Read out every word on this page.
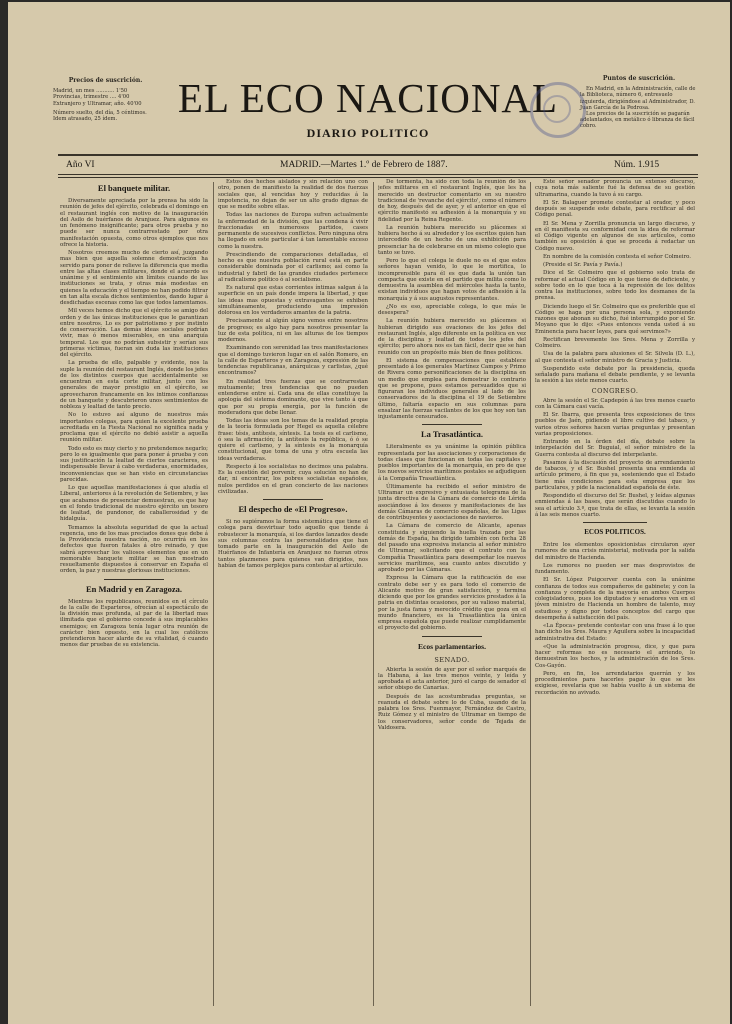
Precios de suscrición.
Madrid, un mes ........... 1'50
Provincias, trimestre .... 4'00
Extranjero y Ultramar, año. 40'00
Número suelto, del día, 5 céntimos.
Idem atrasado, 25 ídem.	EL ECO NACIONAL
DIARIO POLITICO
Puntos de suscrición.
En Madrid, en la Administración, calle de la Biblioteca, número 6, entresuelo izquierda, dirigiéndose al Administrador, D. Juan García de la Pedrosa.
Los precios de la suscrición se pagarán adelantados, en metálico ó libranza de fácil cobro.
Año VI	MADRID.—Martes 1.º de Febrero de 1887.	Núm. 1.915
El banquete militar.

Diversamente apreciada por la prensa ha sido la reunión de jefes del ejército, celebrada el domingo en el restaurant inglés con motivo de la inauguración del Asilo de huérfanos de Aranjuez. Para algunos es un fenómeno insignificante; para otros prueba y no puede ser nunca contrarrestado por otra manifestación opuesta, como otros ejemplos que nos ofrece la historia.

Nosotros creemos mucho de cierto así, juzgando mas bien que aquella solemne demostración ha servido para poner de relieve la diferencia que media entre las altas clases militares, donde el acuerdo es unánime y el sentimiento sin límites cuando de las instituciones se trata, y otras más modestas en quienes la educación y el tiempo no han podido filtrar en tan alta escala dichos sentimientos, dando lugar á desdichadas escenas como las que todos lamentamos.

Mil veces hemos dicho que el ejército se amigo del orden y de las únicas instituciones que le garantizan entre nosotros. Lo es por patriotismo y por instinto de conservación. Las demás ideas sociales podrían vivir, mas ó menos miserables, en una anarquía temporal. Los que no podrían subsistir y serían sus primeras víctimas, fueran sin duda las instituciones del ejército.

La prueba de ello, palpable y evidente, nos la suple la reunión del restaurant Inglés, donde los jefes de los distintos cuerpos que accidentalmente se encuentran en esta corte militar, junto con los generales de mayor prestigio en el ejército, se aprovecharon francamente en los intimos confianzas de un banquete y descubrieron unos sentimientos de nobleza y lealtad de tanto precio.

No lo estuvo así alguno de nuestros más importantes colegas, para quien la excelente prueba acreditada en la Fiesta Nacional no significa nada y proclama que el ejército no debió asistir a aquella reunión militar.

Todo esto es muy cierto y no pretendemos negarlo; pero lo es igualmente que para poner á prueba y con sus justificación la lealtad de ciertos caracteres, es indispensable llevar á cabo verdaderas, enormidades, inconveniencias que se han visto en circunstancias parecidas.

Lo que aquellas manifestaciones á que aludía el Liberal, anteriores á la revolución de Setiembre, y las que acabamos de presenciar demuestran, es que hay en el fondo tradicional de nuestro ejército un tesoro de lealtad, de pundonor, de caballerosidad y de hidalguía.

Temamos la absoluta seguridad de que la actual regencia, uno de los mas preciados dones que debe á la Providencia nuestra nación, no ocurrirá en los defectos que fueron fatales á otro reinado, y que sabrá aprovechar los valiosos elementos que en un memorable banquete militar se han mostrado resueltamente dispuestos á conservar en España el orden, la paz y nuestras gloriosas instituciones.

En Madrid y en Zaragoza.

Mientras los republicanos, reunidos en el círculo de la calle de Esparteros, ofrecían al espectáculo de la división mas profunda, al par de la libertad mas ilimitada que el gobierno concede á sus implacables enemigos; en Zaragoza tenía lugar otra reunión de carácter bien opuesto, en la cual los católicos pretendieron hacer alarde de su vitalidad, ó cuando menos dar pruebas de su existencia.

Estos dos hechos aislados y sin relación uno con otro, ponen de manifiesto la realidad de dos fuerzas sociales que, al vencidas hoy y reducidas á la impotencia, no dejan de ser un alto grado dignas de que se medite sobre ellas.

Todas las naciones de Europa sufren actualmente la enfermedad de la división, que las condena á vivir fraccionadas en numerosos partidos, cases permanente de sucesivos conflictos. Pero ninguna otra ha llegado en este particular á tan lamentable exceso como la nuestra.

Prescindiendo de comparaciones detalladas, el hecho es que nuestra población rural está en parte considerable dominada por el carlismo; así como la industrial y fabril de las grandes ciudades pertenece al radicalismo político ó al socialismo.

Es natural que estas corrientes íntimas salgan á la superficie en un país donde impera la libertad, y que las ideas mas opuestas y extravagantes se exhiben simultáneamente, produciendo una impresión dolorosa en los verdaderos amantes de la patria.

Precisamente al algún signo vemos entre nosotros de progreso; es algo hay para nosotros presentar la luz de esta política, ni en las alturas de los tiempos modernos.

Examinando con serenidad las tres manifestaciones que el domingo tuvieron lugar en el salón Romero, en la calle de Esparteros y en Zaragoza, expresión de las tendencias republicanas, anárquicas y carlistas, ¿qué encontramos?

En realidad tres fuerzas que se contrarrestan mutuamente; tres tendencias que no pueden entenderse entre sí. Cada una de ellas constituye la apología del sistema dominante, que vive tanto á que que por su propia energía, por la función de moderadora que debe llenar.

Todas las ideas son los temas de la realidad propia de la teoría formulada por Hegel es aquella célebre frase: tésis, antítesis, síntesis. La tesis es el carlismo, ó sea la afirmación; la antítesis la república, ó ó se quiere el carlismo, y la síntesis es la monarquía constitucional, que toma de una y otra escuela las ideas verdaderas.

Respecto á los socialistas no decimos una palabra. Es la cuestión del porvenir, cuya solución no han de dar, ni encontrar, los pobres socialistas españoles, nulos perdidos en el gran concierto de las naciones civilizadas.

El despecho de «El Progreso».

Si no supiéramos la forma sistemática que tiene el colega para desvirtuar todo aquello que tiende á robustecer la monarquía, si los dardos lanzados desde sus columnas contra las personalidades que han tomado parte en la inauguración del Asilo de Huérfanos de Infantería en Aranjuez no fueran otros tantos plazmenes para quienes van dirigidos, nos habían de tamos perplejos para contestar al artículo.

De tormenta, ha sido con toda la reunión de los jefes militares en el restaurant Inglés, que les ha merecido un destructor comentario en su nuestro tradicional de 'revanche del ejército', como el número de hoy, después del de ayer, y el anterior en que el ejército manifestó su adhesión á la monarquía y su fidelidad por la Reina Regente.

La reunión hubiera merecido su plácemes si hubiera hecho á su alrededor y los escritos quien han intercedido de un hecho de una exhibición para presenciar ha de celebrarse en un mismo colegio que tanto se tuvo.

Pero lo que el colega le duele no es el que estos señores hayan venido, lo que le mortifica, lo incomprensible para él es que dada la unión tan compacta que existe en el partido que milita como lo demuestra la asamblea del miércoles hasta la tanto, existan individuos que hagan votos de adhesión á la monarquía y á sus augustos representantes.

¿No es eso, apreciable colega, lo que más le desespera?

La reunión hubiera merecido su plácemes si hubieran dirigido sus ovaciones de los jefes del restaurant Inglés, algo diferente en la política en vez de la disciplina y lealtad de todos los jefes del ejército; pero ahora nos es tan fácil, decir que se han reunido con un propósito más bien de fines políticos.

El sistema de compensaciones que establece presentado á los generales Martínez Campos y Primo de Rivera como personificaciones de la disciplina en un medio que emplea para demostrar lo contrario que se propone, pues estamos persuadidos que si figuraran los individuos generales al lado de los conservadores de la disciplina el 19 de Setiembre último, faltaría espacio en sus columnas para ensalzar las fuerzas vacilantes de los que hoy son tan injustamente censurados.

La Trasatlántica.

Literalmente es ya unánime la opinión pública representada por las asociaciones y corporaciones de todas clases que funcionan en todas las capitales y pueblos importantes de la monarquía, en pro de que los nuevos servicios marítimos postales se adjudiquen á la Compañía Trasatlántica.

Últimamente ha recibido el señor ministro de Ultramar un expresivo y entusiasta telegrama de la junta directiva de la Cámara de comercio de Lérida asociándose á los deseos y manifestaciones de las demás Cámaras de comercio españolas, de las Ligas de contribuyentes y asociaciones de navieros.

La Cámara de comercio de Alicante, apenas constituida y siguiendo la huella trazada por las demás de España, ha dirigido también con fecha 28 del pasado una expresiva instancia al señor ministro de Ultramar, solicitando que el contrato con la Compañía Trasatlántica para desempeñar los nuevos servicios marítimos, sea cuanto antes discutido y aprobado por las Cámaras.

Expresa la Cámara que la ratificación de ese contrato debe ser y es para todo el comercio de Alicante motivo de gran satisfacción, y termina diciendo que por los grandes servicios prestados á la patria en distintas ocasiones, por su valioso material, por la justa fama y merecido crédito que goza en el mundo financiero, es la Trasatlántica la única empresa española que puede realizar cumplidamente el proyecto del gobierno.

Ecos parlamentarios.
SENADO.

Abierta la sesión de ayer por el señor marqués de la Habana, á las tres menos veinte, y leída y aprobada el acta anterior, juró el cargo de senador el señor obispo de Canarias.

Después de las acostumbradas preguntas, se reanuda el debate sobre lo de Cuba, usando de la palabra los Sres. Fuenmayor, Fernández de Castro, Ruiz Gómez y el ministro de Ultramar en tiempo de los conservadores, señor conde de Tejada de Valdosera.

Este señor senador pronuncia un extenso discurso, cuya nota más saliente fué la defensa de su gestión ultramarina, cuando la tuvo á su cargo.

El Sr. Balaguer promete contestar al orador, y poco después se suspende este debate, para rectificar al del Código penal.

El Sr. Mena y Zorrilla pronuncia un largo discurso, y en él manifiesta su conformidad con la idea de reformar el Código vigente en algunos de sus artículos, como también su oposición á que se proceda á redactar un Código nuevo.

En nombre de la comisión contesta el señor Colmeiro.

(Preside el Sr. Pavía y Pavía.)

Dice el Sr. Colmeiro que el gobierno solo trata de reformar el actual Código en lo que tiene de deficiente, y sobre todo en lo que toca á la represión de los delitos contra las instituciones, sobre todo los desmanes de la prensa.

Diciendo luego el Sr. Colmeiro que es preferible que el Código se haga por una persona sola, y exponiendo razones que abonan su dicho, fué interrumpido por el Sr. Moyano que le dijo: «Pues entonces venda usted á su Eminencia para hacer leyes, para qué servimos?»

Rectifican brevemente los Sres. Mena y Zorrilla y Colmeiro.

Usa de la palabra para alusiones el Sr. Silvela (D. L.), al que contesta el señor ministro de Gracia y Justicia.

Suspendido este debate por la presidencia, queda señalado para mañana el debate pendiente, y se levanta la sesión á las siete menos cuarto.

CONGRESO.

Abre la sesión el Sr. Capdepón á las tres menos cuarto con la Cámara casi vacía.

El Sr. Ibarra, que presenta tres exposiciones de tres pueblos de Jaén, pidiendo el libre cultivo del tabaco, y varios otros señores hacen varias preguntas y presentan varias proposiciones.

Entrando en la órden del día, debate sobre la interpelación del Sr. Buguial, el señor ministro de la Guerra contesta al discurso del interpelante.

Pasamos á la discusión del proyecto de arrendamiento de tabacos, y el Sr. Bushel presenta una enmienda al artículo primero, á fin que ya, sosteniendo que el Estado tiene más condiciones para esta empresa que los particulares, y pide la nacionalidad española de éste.

Respondido el discurso del Sr. Bushel, y leídas algunas enmiendas á las bases, que serán discutidas cuando lo sea el artículo 3.º, que trata de ellas, se levanta la sesión á las seis menos cuarto.

ECOS POLITICOS.

Entre los elementos oposicionistas circularon ayer rumores de una crisis ministerial, motivada por la salida del ministro de Hacienda.

Los rumores no pueden ser mas desprovistos de fundamento.

El Sr. López Puigcerver cuenta con la unánime confianza de todos sus compañeros de gabinete; y con la confianza y completa de la mayoría en ambos Cuerpos colegisladores, pues los diputados y senadores ven en el jóven ministro de Hacienda un hombre de talento, muy estudioso y digno por todos conceptos del cargo que desempeña á satisfacción del país.

«La Época» pretende contestar con una frase á lo que han dicho los Sres. Maura y Aguilera sobre la incapacidad administrativa del Estado:

«Que la administración progresa, dice, y que para hacer reformas no es necesario el arriendo, lo demuestran los hechos, y la administración de los Sres. Cos-Gayón.

Pero, en fin, los arrendatarios querrán y los procedimientos para hacerles pagar lo que se les exigiese, revelaría que se había vuelto á un sistema de recordación no avivado.
